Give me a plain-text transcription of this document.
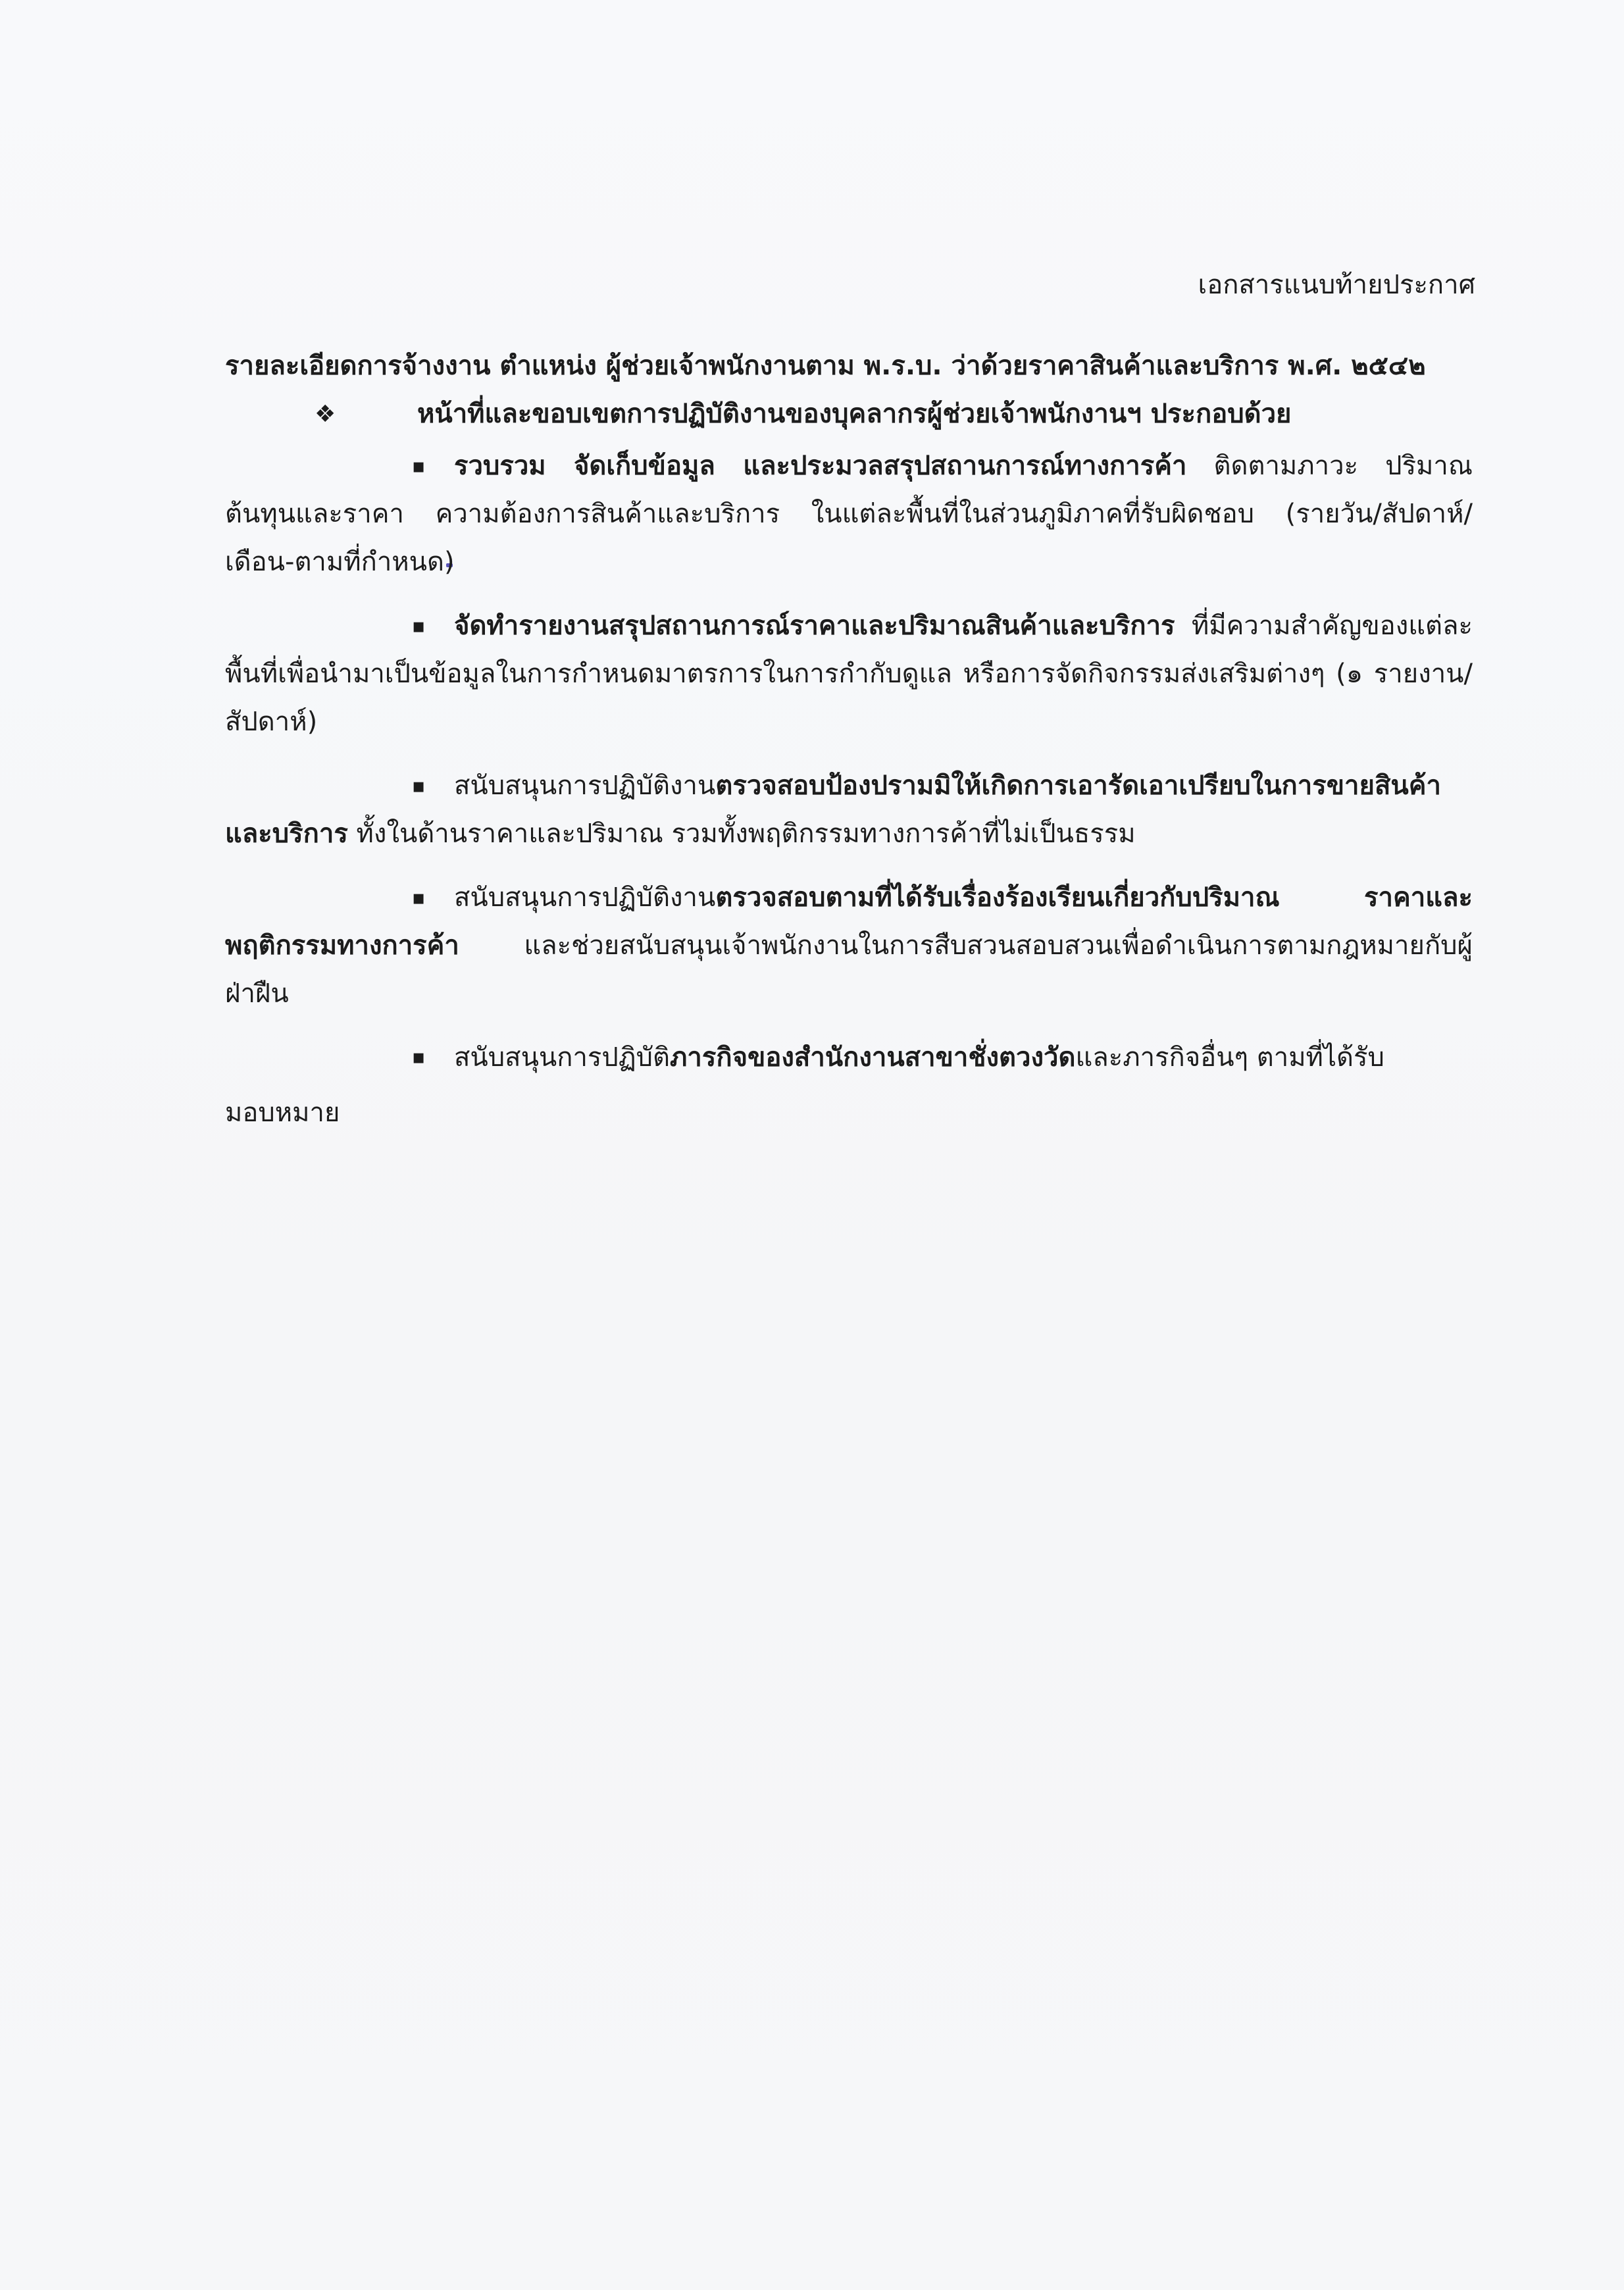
เอกสารแนบท้ายประกาศ

รายละเอียดการจ้างงาน ตำแหน่ง ผู้ช่วยเจ้าพนักงานตาม พ.ร.บ. ว่าด้วยราคาสินค้าและบริการ พ.ศ. ๒๕๔๒

❖	หน้าที่และขอบเขตการปฏิบัติงานของบุคลากรผู้ช่วยเจ้าพนักงานฯ ประกอบด้วย

▪ รวบรวม จัดเก็บข้อมูล และประมวลสรุปสถานการณ์ทางการค้า ติดตามภาวะ ปริมาณ ต้นทุนและราคา ความต้องการสินค้าและบริการ ในแต่ละพื้นที่ในส่วนภูมิภาคที่รับผิดชอบ (รายวัน/สัปดาห์/เดือน-ตามที่กำหนด)

▪ จัดทำรายงานสรุปสถานการณ์ราคาและปริมาณสินค้าและบริการ ที่มีความสำคัญของแต่ละพื้นที่เพื่อนำมาเป็นข้อมูลในการกำหนดมาตรการในการกำกับดูแล หรือการจัดกิจกรรมส่งเสริมต่างๆ (๑ รายงาน/สัปดาห์)

▪ สนับสนุนการปฏิบัติงานตรวจสอบป้องปรามมิให้เกิดการเอารัดเอาเปรียบในการขายสินค้าและบริการ ทั้งในด้านราคาและปริมาณ รวมทั้งพฤติกรรมทางการค้าที่ไม่เป็นธรรม

▪ สนับสนุนการปฏิบัติงานตรวจสอบตามที่ได้รับเรื่องร้องเรียนเกี่ยวกับปริมาณ ราคาและพฤติกรรมทางการค้า และช่วยสนับสนุนเจ้าพนักงานในการสืบสวนสอบสวนเพื่อดำเนินการตามกฎหมายกับผู้ฝ่าฝืน

▪ สนับสนุนการปฏิบัติภารกิจของสำนักงานสาขาชั่งตวงวัดและภารกิจอื่นๆ ตามที่ได้รับ
มอบหมาย
